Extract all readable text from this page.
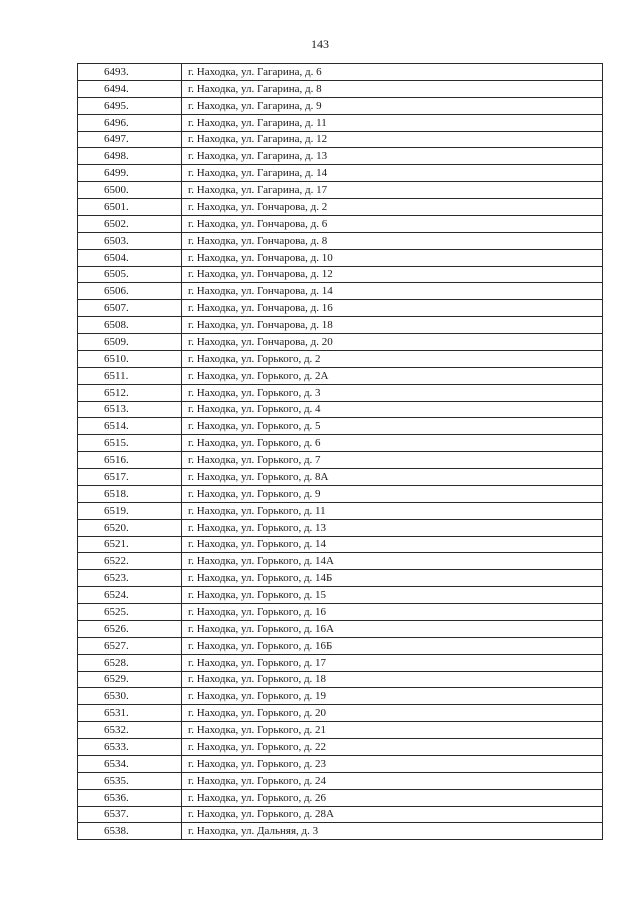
143
6493.	г. Находка, ул. Гагарина, д. 6
6494.	г. Находка, ул. Гагарина, д. 8
6495.	г. Находка, ул. Гагарина, д. 9
6496.	г. Находка, ул. Гагарина, д. 11
6497.	г. Находка, ул. Гагарина, д. 12
6498.	г. Находка, ул. Гагарина, д. 13
6499.	г. Находка, ул. Гагарина, д. 14
6500.	г. Находка, ул. Гагарина, д. 17
6501.	г. Находка, ул. Гончарова, д. 2
6502.	г. Находка, ул. Гончарова, д. 6
6503.	г. Находка, ул. Гончарова, д. 8
6504.	г. Находка, ул. Гончарова, д. 10
6505.	г. Находка, ул. Гончарова, д. 12
6506.	г. Находка, ул. Гончарова, д. 14
6507.	г. Находка, ул. Гончарова, д. 16
6508.	г. Находка, ул. Гончарова, д. 18
6509.	г. Находка, ул. Гончарова, д. 20
6510.	г. Находка, ул. Горького, д. 2
6511.	г. Находка, ул. Горького, д. 2А
6512.	г. Находка, ул. Горького, д. 3
6513.	г. Находка, ул. Горького, д. 4
6514.	г. Находка, ул. Горького, д. 5
6515.	г. Находка, ул. Горького, д. 6
6516.	г. Находка, ул. Горького, д. 7
6517.	г. Находка, ул. Горького, д. 8А
6518.	г. Находка, ул. Горького, д. 9
6519.	г. Находка, ул. Горького, д. 11
6520.	г. Находка, ул. Горького, д. 13
6521.	г. Находка, ул. Горького, д. 14
6522.	г. Находка, ул. Горького, д. 14А
6523.	г. Находка, ул. Горького, д. 14Б
6524.	г. Находка, ул. Горького, д. 15
6525.	г. Находка, ул. Горького, д. 16
6526.	г. Находка, ул. Горького, д. 16А
6527.	г. Находка, ул. Горького, д. 16Б
6528.	г. Находка, ул. Горького, д. 17
6529.	г. Находка, ул. Горького, д. 18
6530.	г. Находка, ул. Горького, д. 19
6531.	г. Находка, ул. Горького, д. 20
6532.	г. Находка, ул. Горького, д. 21
6533.	г. Находка, ул. Горького, д. 22
6534.	г. Находка, ул. Горького, д. 23
6535.	г. Находка, ул. Горького, д. 24
6536.	г. Находка, ул. Горького, д. 26
6537.	г. Находка, ул. Горького, д. 28А
6538.	г. Находка, ул. Дальняя, д. 3
